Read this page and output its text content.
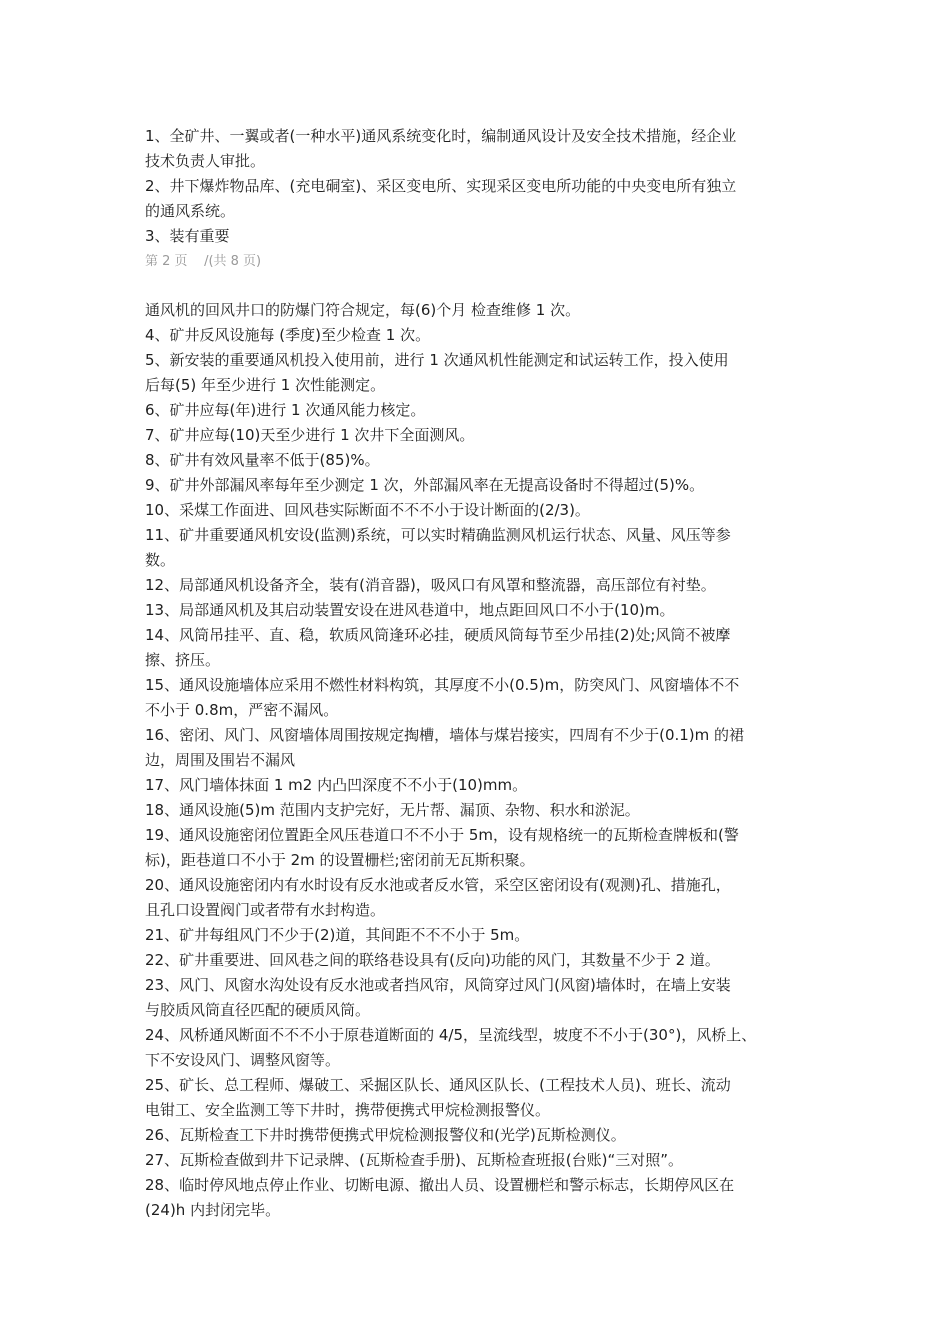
1、全矿井、一翼或者(一种水平)通风系统变化时，编制通风设计及安全技术措施，经企业
技术负责人审批。

2、井下爆炸物品库、(充电硐室)、采区变电所、实现采区变电所功能的中央变电所有独立
的通风系统。

3、装有重要

第 2 页    /(共 8 页)

通风机的回风井口的防爆门符合规定，每(6)个月 检查维修 1 次。

4、矿井反风设施每 (季度)至少检查 1 次。

5、新安装的重要通风机投入使用前，进行 1 次通风机性能测定和试运转工作，投入使用
后每(5) 年至少进行 1 次性能测定。

6、矿井应每(年)进行 1 次通风能力核定。

7、矿井应每(10)天至少进行 1 次井下全面测风。

8、矿井有效风量率不低于(85)%。

9、矿井外部漏风率每年至少测定 1 次，外部漏风率在无提高设备时不得超过(5)%。

10、采煤工作面进、回风巷实际断面不不不小于设计断面的(2/3)。

11、矿井重要通风机安设(监测)系统，可以实时精确监测风机运行状态、风量、风压等参
数。

12、局部通风机设备齐全，装有(消音器)，吸风口有风罩和整流器，高压部位有衬垫。

13、局部通风机及其启动装置安设在进风巷道中，地点距回风口不小于(10)m。

14、风筒吊挂平、直、稳，软质风筒逢环必挂，硬质风筒每节至少吊挂(2)处;风筒不被摩
擦、挤压。

15、通风设施墙体应采用不燃性材料构筑，其厚度不小(0.5)m，防突风门、风窗墙体不不
不小于 0.8m，严密不漏风。

16、密闭、风门、风窗墙体周围按规定掏槽，墙体与煤岩接实，四周有不少于(0.1)m 的裙
边，周围及围岩不漏风

17、风门墙体抹面 1 m2 内凸凹深度不不小于(10)mm。

18、通风设施(5)m 范围内支护完好，无片帮、漏顶、杂物、积水和淤泥。

19、通风设施密闭位置距全风压巷道口不不小于 5m，设有规格统一的瓦斯检查牌板和(警
标)，距巷道口不小于 2m 的设置栅栏;密闭前无瓦斯积聚。

20、通风设施密闭内有水时设有反水池或者反水管，采空区密闭设有(观测)孔、措施孔，
且孔口设置阀门或者带有水封构造。

21、矿井每组风门不少于(2)道，其间距不不不小于 5m。

22、矿井重要进、回风巷之间的联络巷设具有(反向)功能的风门，其数量不少于 2 道。

23、风门、风窗水沟处设有反水池或者挡风帘，风筒穿过风门(风窗)墙体时，在墙上安装
与胶质风筒直径匹配的硬质风筒。

24、风桥通风断面不不不小于原巷道断面的 4/5，呈流线型，坡度不不小于(30°)，风桥上、
下不安设风门、调整风窗等。

25、矿长、总工程师、爆破工、采掘区队长、通风区队长、(工程技术人员)、班长、流动
电钳工、安全监测工等下井时，携带便携式甲烷检测报警仪。

26、瓦斯检查工下井时携带便携式甲烷检测报警仪和(光学)瓦斯检测仪。

27、瓦斯检查做到井下记录牌、(瓦斯检查手册)、瓦斯检查班报(台账)“三对照”。

28、临时停风地点停止作业、切断电源、撤出人员、设置栅栏和警示标志，长期停风区在
(24)h 内封闭完毕。
